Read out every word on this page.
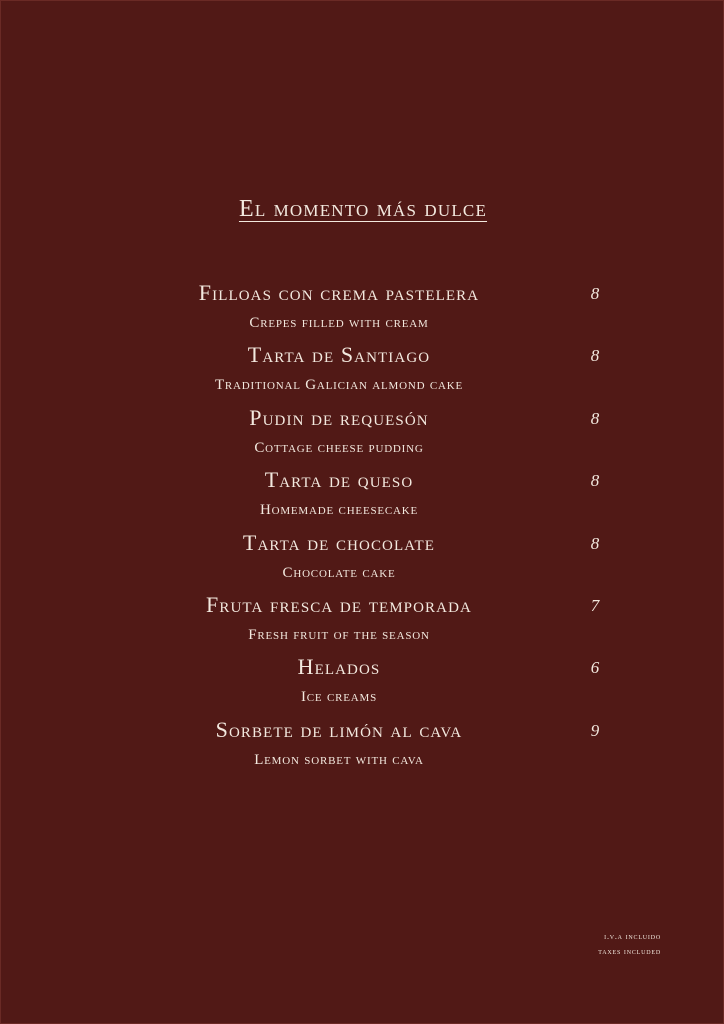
El momento más dulce
Filloas con crema pastelera	8
Crepes filled with cream
Tarta de Santiago	8
Traditional Galician almond cake
Pudin de requesón	8
Cottage cheese pudding
Tarta de queso	8
Homemade cheesecake
Tarta de chocolate	8
Chocolate cake
Fruta fresca de temporada	7
Fresh fruit of the season
Helados	6
Ice creams
Sorbete de limón al cava	9
Lemon sorbet with cava
i.v.a incluido
taxes included
